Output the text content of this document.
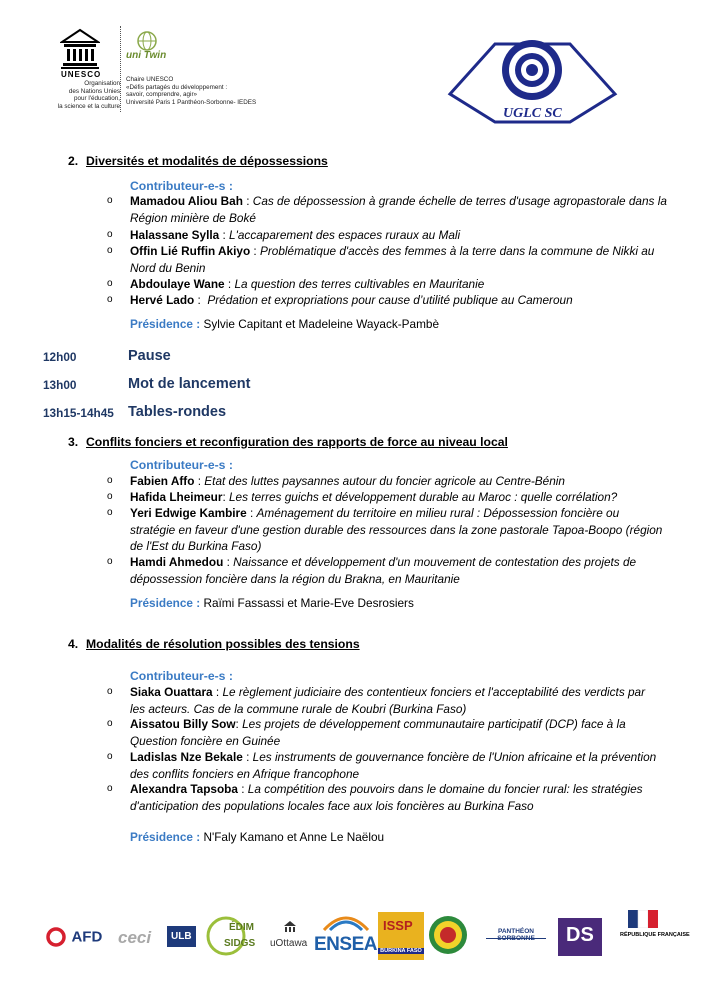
UNESCO
Organisation
des Nations Unies
pour l'éducation,
la science et la culture
uni Twin
Chaire UNESCO
«Défis partagés du développement :
savoir, comprendre, agir»
Université Paris 1 Panthéon-Sorbonne- IEDES
UGLC SC
2. Diversités et modalités de dépossessions
Contributeur-e-s :
o Mamadou Aliou Bah : Cas de dépossession à grande échelle de terres d'usage agropastorale dans la
Région minière de Boké
o Halassane Sylla : L'accaparement des espaces ruraux au Mali
o Offin Lié Ruffin Akiyo : Problématique d'accès des femmes à la terre dans la commune de Nikki au
Nord du Benin
o Abdoulaye Wane : La question des terres cultivables en Mauritanie
o Hervé Lado :  Prédation et expropriations pour cause d’utilité publique au Cameroun
Présidence : Sylvie Capitant et Madeleine Wayack-Pambè
12h00	Pause
13h00	Mot de lancement
13h15-14h45 Tables-rondes
3. Conflits fonciers et reconfiguration des rapports de force au niveau local
Contributeur-e-s :
o Fabien Affo : Etat des luttes paysannes autour du foncier agricole au Centre-Bénin
o Hafida Lheimeur: Les terres guichs et développement durable au Maroc : quelle corrélation?
o Yeri Edwige Kambire : Aménagement du territoire en milieu rural : Dépossession foncière ou
stratégie en faveur d'une gestion durable des ressources dans la zone pastorale Tapoa-Boopo (région
de l'Est du Burkina Faso)
o Hamdi Ahmedou : Naissance et développement d'un mouvement de contestation des projets de
dépossession foncière dans la région du Brakna, en Mauritanie
Présidence : Raïmi Fassassi et Marie-Eve Desrosiers
4. Modalités de résolution possibles des tensions
Contributeur-e-s :
o Siaka Ouattara : Le règlement judiciaire des contentieux fonciers et l'acceptabilité des verdicts par
les acteurs. Cas de la commune rurale de Koubri (Burkina Faso)
o Aissatou Billy Sow: Les projets de développement communautaire participatif (DCP) face à la
Question foncière en Guinée
o Ladislas Nze Bekale : Les instruments de gouvernance foncière de l'Union africaine et la prévention
des conflits fonciers en Afrique francophone
o Alexandra Tapsoba : La compétition des pouvoirs dans le domaine du foncier rural: les stratégies
d'anticipation des populations locales face aux lois foncières au Burkina Faso
Présidence : N'Faly Kamano et Anne Le Naëlou
AFD ceci	ULB
ÉDIM
SIDGS uOttawa ENSEA
ISSP
BURKINA FASO
PANTHÉON	DS	RÉPUBLIQUE FRANÇAISE
